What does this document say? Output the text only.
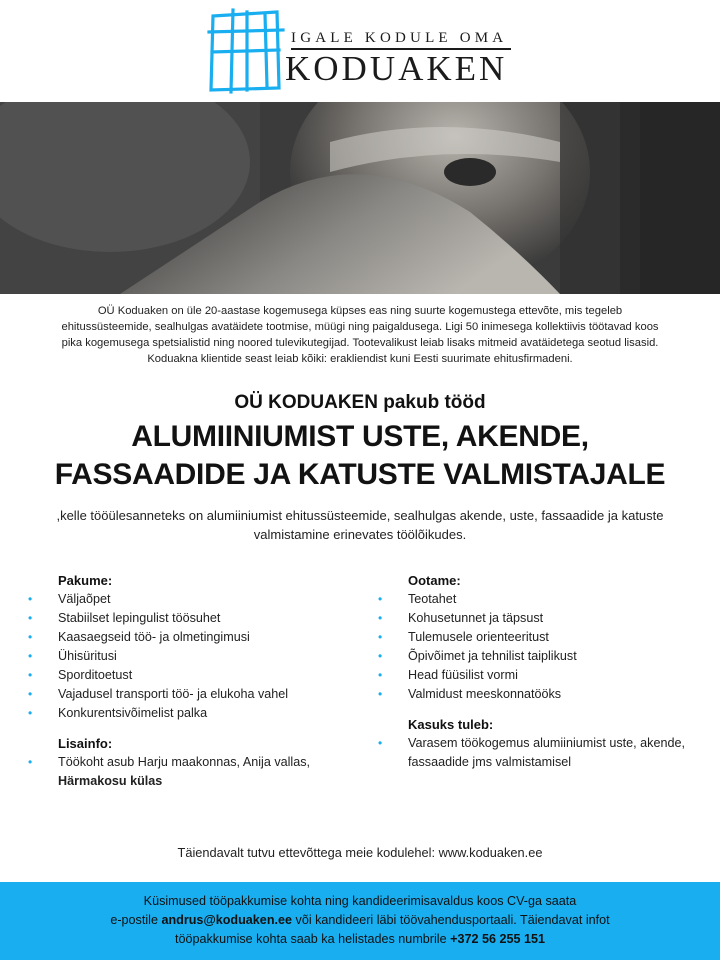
IGALE KODULE OMA
KODUAKEN

OÜ Koduaken on üle 20-aastase kogemusega küpses eas ning suurte kogemustega ettevõte, mis tegeleb ehitussüsteemide, sealhulgas avatäidete tootmise, müügi ning paigaldusega. Ligi 50 inimesega kollektiivis töötavad koos pika kogemusega spetsialistid ning noored tulevikutegijad. Tootevalikust leiab lisaks mitmeid avatäidetega seotud lisasid. Koduakna klientide seast leiab kõiki: erakliendist kuni Eesti suurimate ehitusfirmadeni.

OÜ KODUAKEN pakub tööd
ALUMIINIUMIST USTE, AKENDE,
FASSAADIDE JA KATUSTE VALMISTAJALE

,kelle tööülesanneteks on alumiiniumist ehitussüsteemide, sealhulgas akende, uste, fassaadide ja katuste valmistamine erinevates töölõikudes.

Pakume:
• Väljaõpet
• Stabiilset lepingulist töösuhet
• Kaasaegseid töö- ja olmetingimusi
• Ühisüritusi
• Sporditoetust
• Vajadusel transporti töö- ja elukoha vahel
• Konkurentsivõimelist palka
Lisainfo:
• Töökoht asub Harju maakonnas, Anija vallas, Härmakosu külas
Ootame:
• Teotahet
• Kohusetunnet ja täpsust
• Tulemusele orienteeritust
• Õpivõimet ja tehnilist taiplikust
• Head füüsilist vormi
• Valmidust meeskonnatööks
Kasuks tuleb:
• Varasem töökogemus alumiiniumist uste, akende, fassaadide jms valmistamisel
Täiendavalt tutvu ettevõttega meie kodulehel: www.koduaken.ee
Küsimused tööpakkumise kohta ning kandideerimisavaldus koos CV-ga saata
e-postile andrus@koduaken.ee või kandideeri läbi töövahendusportaali. Täiendavat infot
tööpakkumise kohta saab ka helistades numbrile +372 56 255 151
